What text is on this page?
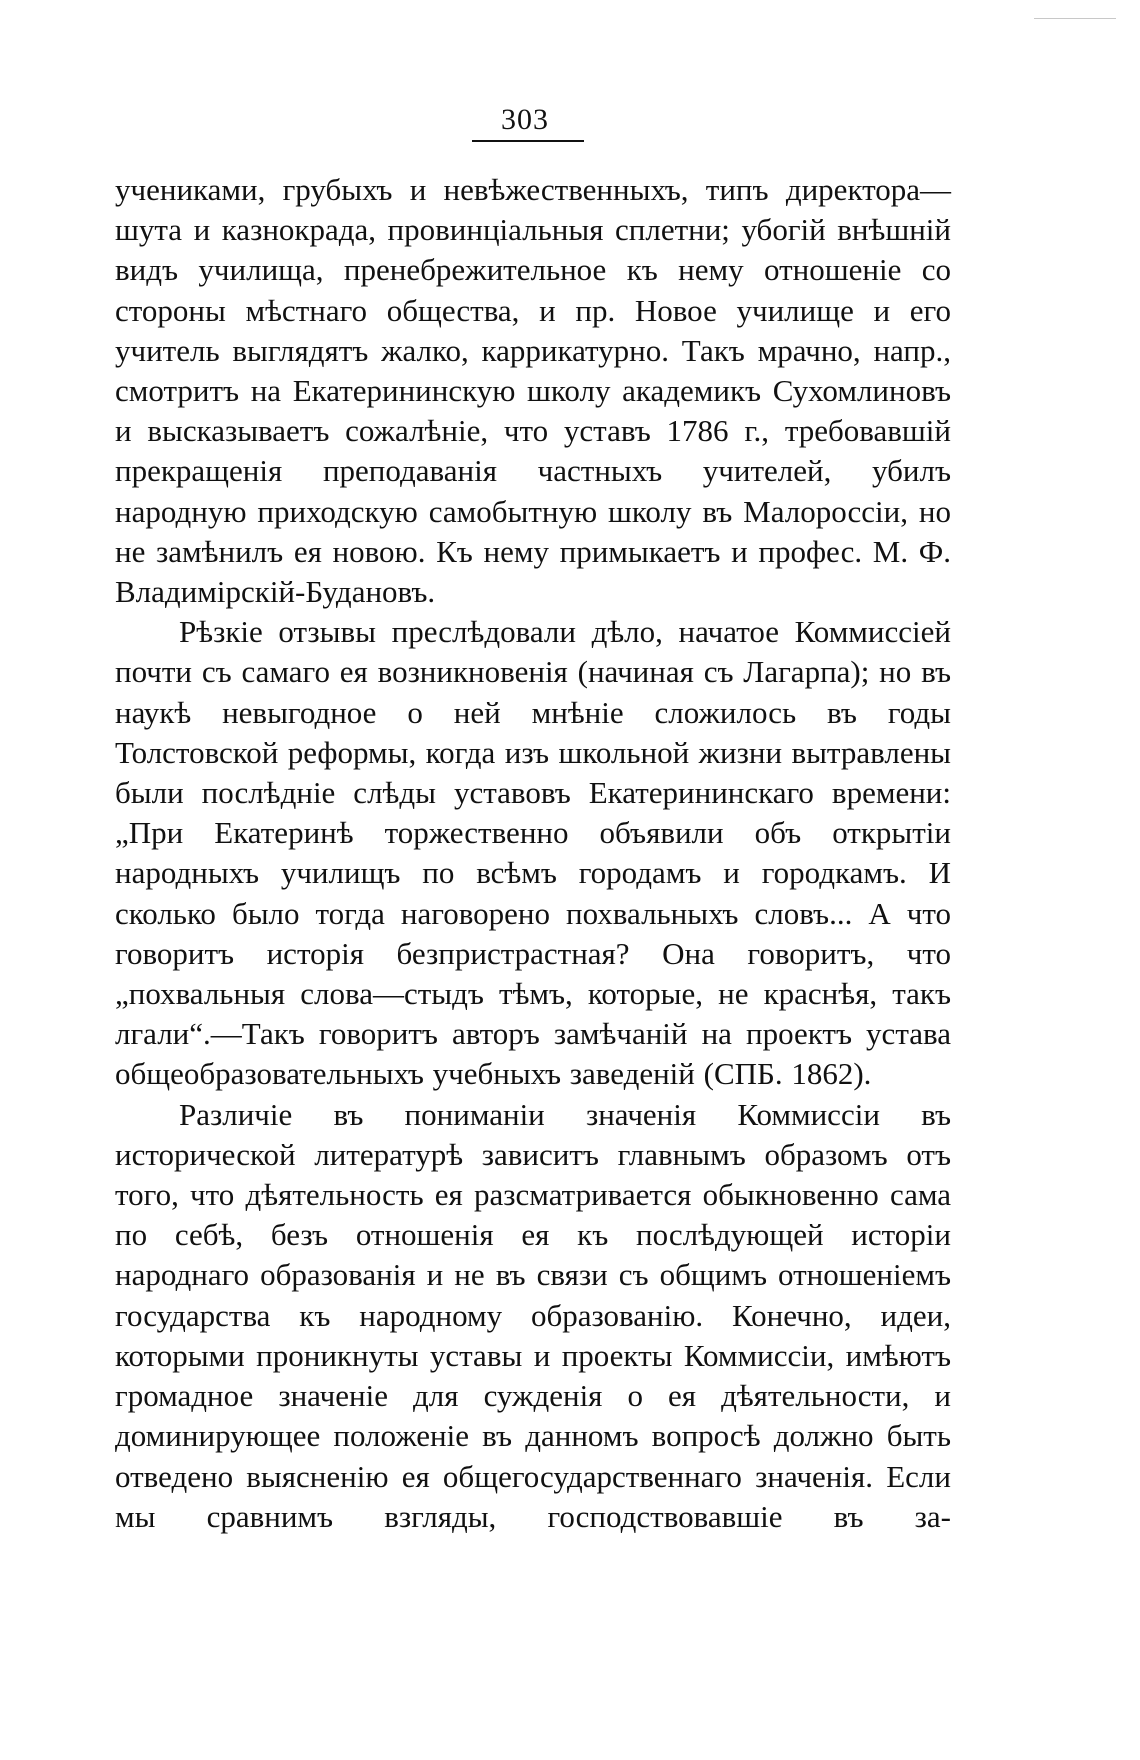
303

учениками, грубыхъ и невѣжественныхъ, типъ директора—шута и казнокрада, провинціальныя сплетни; убогій внѣшній видъ училища, пренебрежительное къ нему отношеніе со стороны мѣстнаго общества, и пр. Новое училище и его учитель выглядятъ жалко, каррикатурно. Такъ мрачно, напр., смотритъ на Екатерининскую школу академикъ Сухомлиновъ и высказываетъ сожалѣніе, что уставъ 1786 г., требовавшій прекращенія преподаванія частныхъ учителей, убилъ народную приходскую самобытную школу въ Малороссіи, но не замѣнилъ ея новою. Къ нему примыкаетъ и профес. М. Ф. Владимірскій-Будановъ.

Рѣзкіе отзывы преслѣдовали дѣло, начатое Коммиссіей почти съ самаго ея возникновенія (начиная съ Лагарпа); но въ наукѣ невыгодное о ней мнѣніе сложилось въ годы Толстовской реформы, когда изъ школьной жизни вытравлены были послѣдніе слѣды уставовъ Екатерининскаго времени: „При Екатеринѣ торжественно объявили объ открытіи народныхъ училищъ по всѣмъ городамъ и городкамъ. И сколько было тогда наговорено похвальныхъ словъ... А что говоритъ исторія безпристрастная? Она говоритъ, что „похвальныя слова—стыдъ тѣмъ, которые, не краснѣя, такъ лгали“.—Такъ говоритъ авторъ замѣчаній на проектъ устава общеобразовательныхъ учебныхъ заведеній (СПБ. 1862).

Различіе въ пониманіи значенія Коммиссіи въ исторической литературѣ зависитъ главнымъ образомъ отъ того, что дѣятельность ея разсматривается обыкновенно сама по себѣ, безъ отношенія ея къ послѣдующей исторіи народнаго образованія и не въ связи съ общимъ отношеніемъ государства къ народному образованію. Конечно, идеи, которыми проникнуты уставы и проекты Коммиссіи, имѣютъ громадное значеніе для сужденія о ея дѣятельности, и доминирующее положеніе въ данномъ вопросѣ должно быть отведено выясненію ея общегосударственнаго значенія. Если мы сравнимъ взгляды, господствовавшіе въ за-
